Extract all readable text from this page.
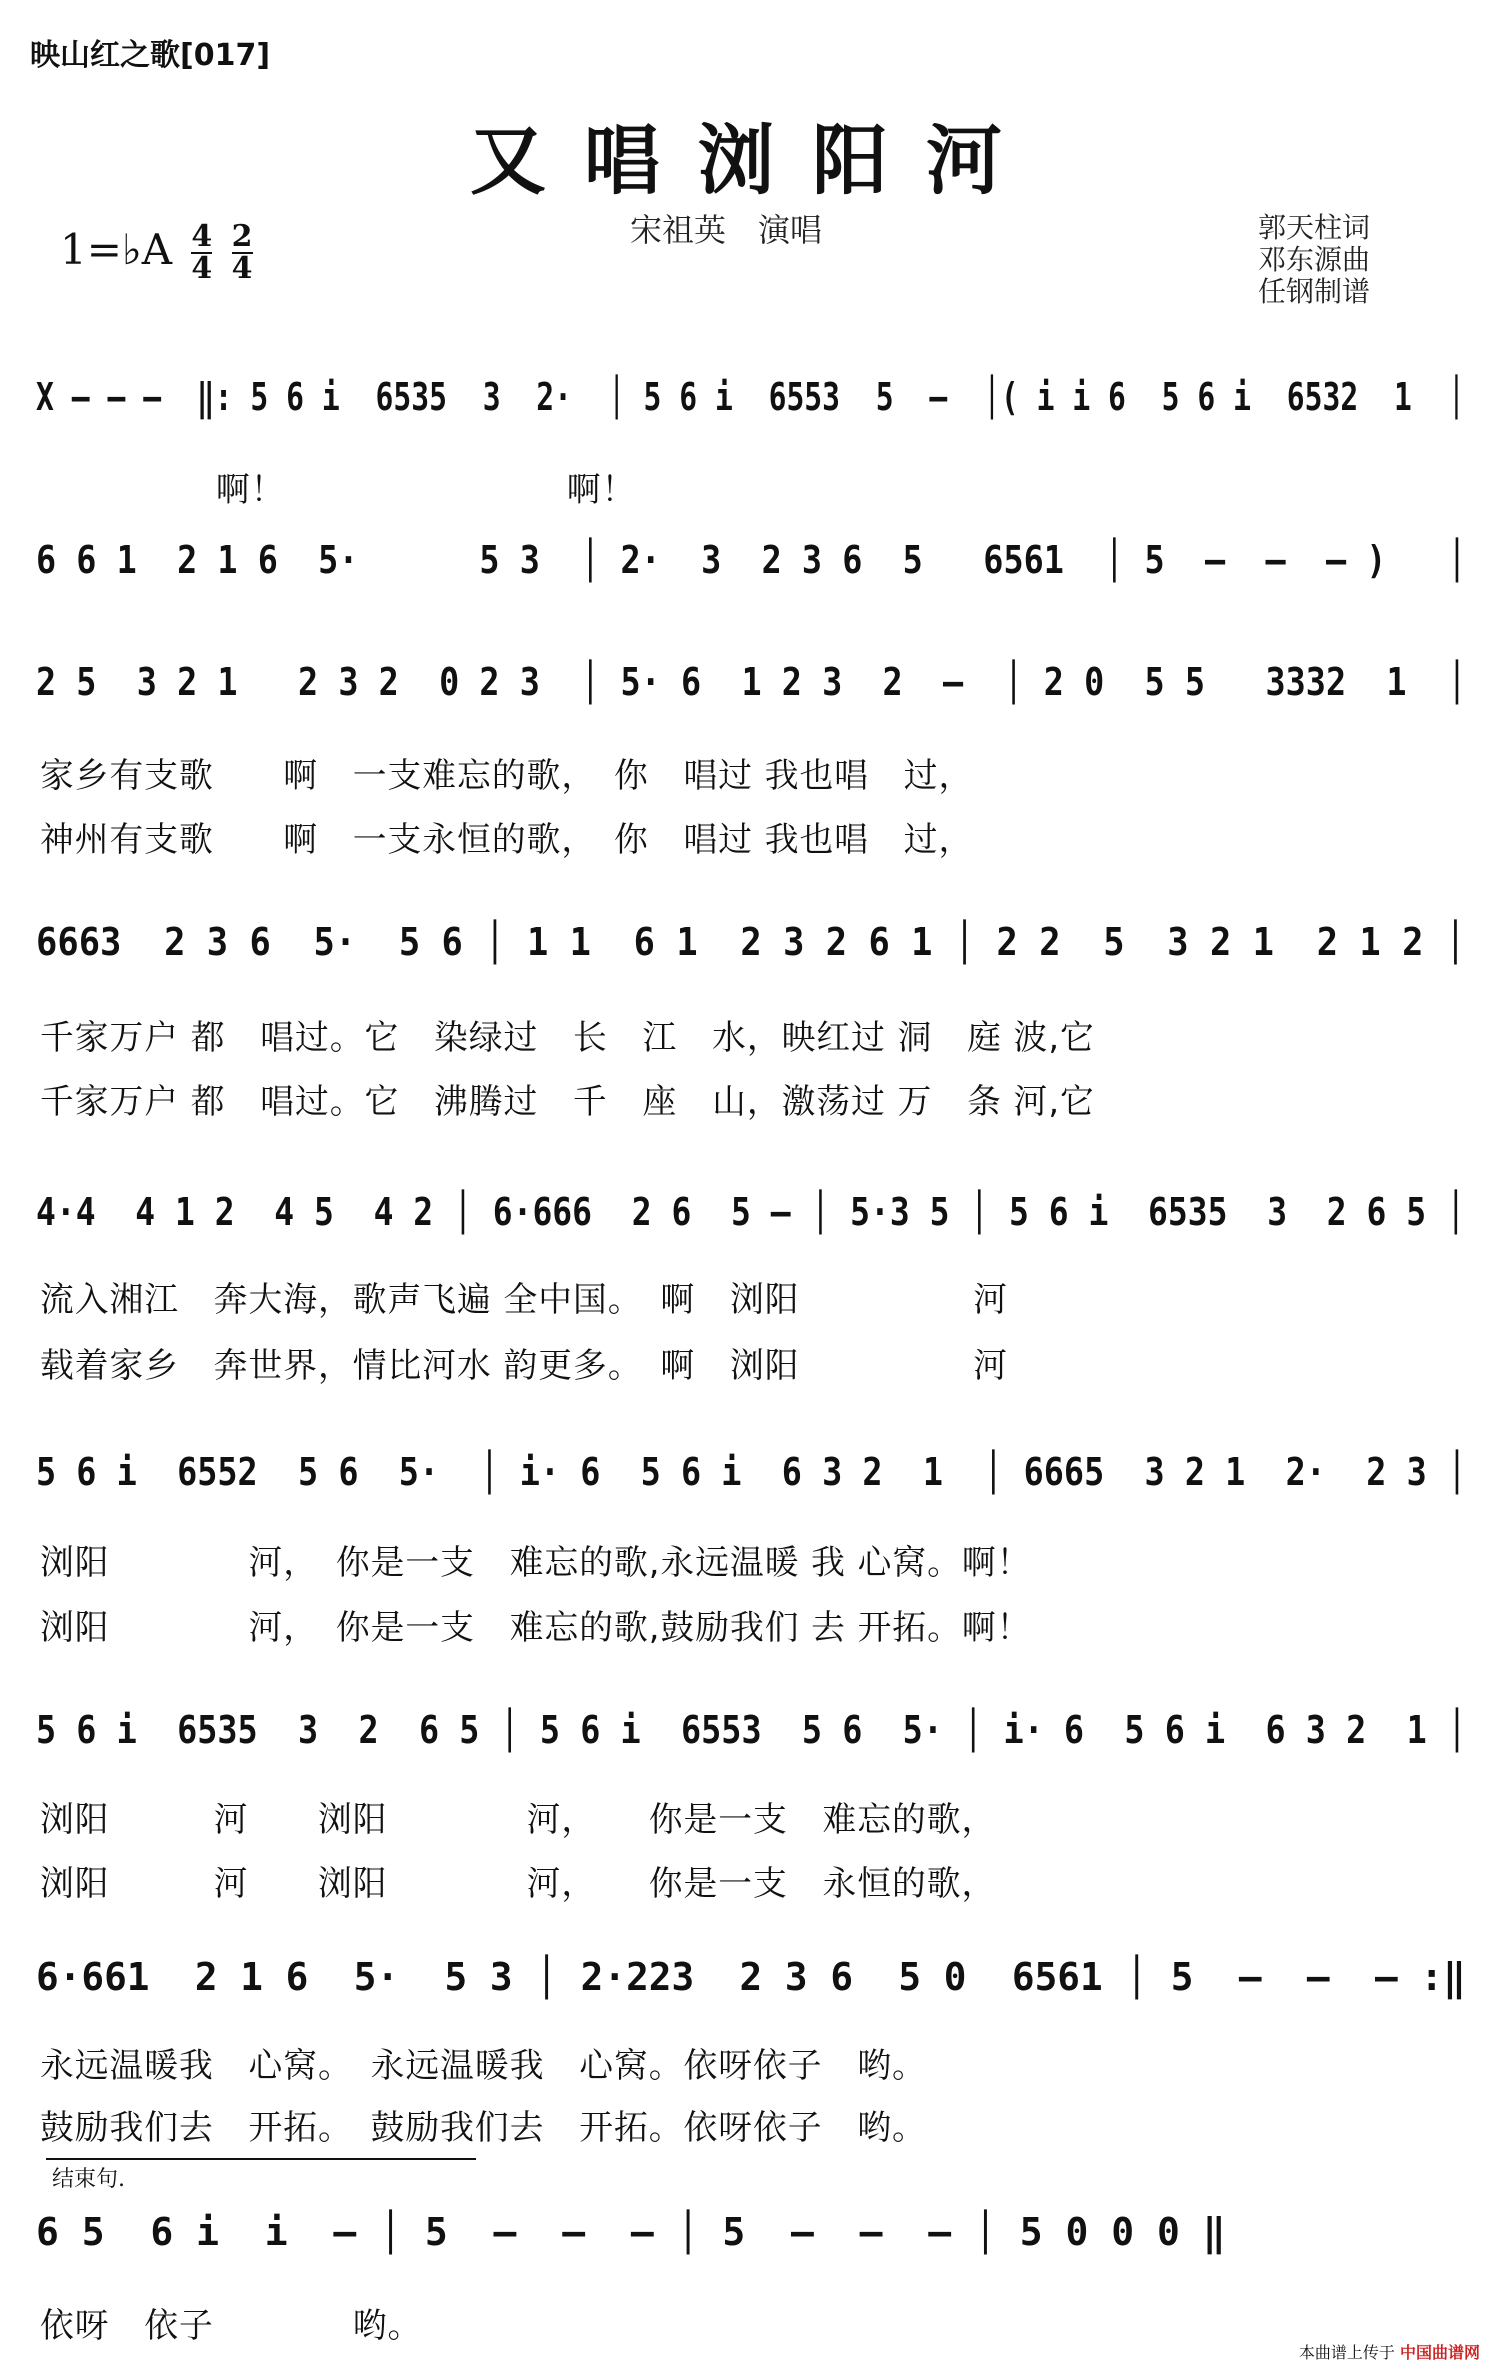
映山红之歌[017]
又唱浏阳河
1=♭A $\frac{4}{4}$
$\frac{2}{4}$	宋祖英　演唱	郭天柱词
邓东源曲
任钢制谱
X – – –  ‖: 5 6 i  6535  3  2·  │ 5 6 i  6553  5  –  │( i i 6  5 6 i  6532  1  │
啊！                        啊！
6 6 1  2 1 6  5·      5 3  │ 2·  3  2 3 6  5   6561  │ 5  –  –  – )   │
2 5  3 2 1   2 3 2  0 2 3  │ 5· 6  1 2 3  2  –  │ 2 0  5 5   3332  1  │
家乡有支歌　　啊　一支难忘的歌，　你　唱过 我也唱　过，
神州有支歌　　啊　一支永恒的歌，　你　唱过 我也唱　过，
6663  2 3 6  5·  5 6 │ 1 1  6 1  2 3 2 6 1 │ 2 2  5  3 2 1  2 1 2 │
千家万户 都　唱过。它　染绿过　长　江　水，映红过 洞　庭 波,它
千家万户 都　唱过。它　沸腾过　千　座　山，激荡过 万　条 河,它
4·4  4 1 2  4 5  4 2 │ 6·666  2 6  5 – │ 5·3 5 │ 5 6 i  6535  3  2 6 5 │
流入湘江　奔大海，歌声飞遍 全中国。　啊　浏阳　　　　　河
载着家乡　奔世界，情比河水 韵更多。　啊　浏阳　　　　　河
5 6 i  6552  5 6  5·  │ i· 6  5 6 i  6 3 2  1  │ 6665  3 2 1  2·  2 3 │
浏阳　　　　河，　你是一支　难忘的歌,永远温暖 我 心窝。啊！
浏阳　　　　河，　你是一支　难忘的歌,鼓励我们 去 开拓。啊！
5 6 i  6535  3  2  6 5 │ 5 6 i  6553  5 6  5· │ i· 6  5 6 i  6 3 2  1 │
浏阳　　　河　　浏阳　　　　河，　　你是一支　难忘的歌，
浏阳　　　河　　浏阳　　　　河，　　你是一支　永恒的歌，
6·661  2 1 6  5·  5 3 │ 2·223  2 3 6  5 0  6561 │ 5  –  –  – :‖
永远温暖我　心窝。　永远温暖我　心窝。依呀依子　哟。
鼓励我们去　开拓。　鼓励我们去　开拓。依呀依子　哟。
结束句.
6 5  6 i  i  – │ 5  –  –  – │ 5  –  –  – │ 5 0 0 0 ‖
依呀　依子　　　　哟。
本曲谱上传于 中国曲谱网
